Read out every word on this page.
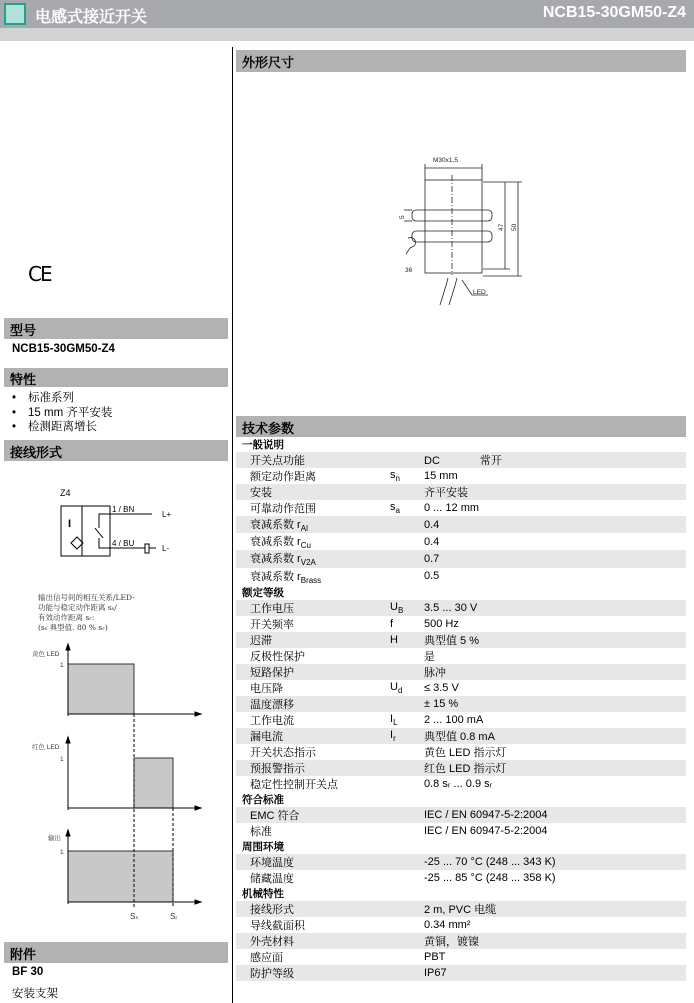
电感式接近开关	NCB15-30GM50-Z4
CE
型号
NCB15-30GM50-Z4
特性
• 标准系列
• 15 mm 齐平安装
• 检测距离增长
接线形式
Z4
I
1 / BN
4 / BU
L+
L-
输出信号间的相互关系/LED-
功能与稳定动作距离 sₛ/
有效动作距离 sᵣ:
(sₛ 典型值. 80 % sᵣ)
黄色 LED
红色 LED
输出
1
1
1
Sₛ	Sᵣ
附件
BF 30
安装支架
外形尺寸
M30x1,5
5
47 50
36
LED
技术参数
一般说明		
开关点功能		DC 常开
额定动作距离	$s_n$	15 mm
安装		齐平安装
可靠动作范围	$s_a$	0 ... 12 mm
衰减系数 $r_{Al}$		0.4
衰减系数 $r_{Cu}$		0.4
衰减系数 $r_{V2A}$		0.7
衰减系数 $r_{Brass}$		0.5
额定等级		
工作电压	$U_B$	3.5 ... 30 V
开关频率	f	500 Hz
迟滞	H	典型值 5 %
反极性保护		是
短路保护		脉冲
电压降	$U_d$	≤ 3.5 V
温度漂移		± 15 %
工作电流	$I_L$	2 ... 100 mA
漏电流	$I_r$	典型值 0.8 mA
开关状态指示		黄色 LED 指示灯
预报警指示		红色 LED 指示灯
稳定性控制开关点		0.8 sᵣ ... 0.9 sᵣ
符合标准		
EMC 符合		IEC / EN 60947-5-2:2004
标准		IEC / EN 60947-5-2:2004
周围环境		
环境温度		-25 ... 70 °C (248 ... 343 K)
储藏温度		-25 ... 85 °C (248 ... 358 K)
机械特性		
接线形式		2 m, PVC 电缆
导线截面积		0.34 mm²
外壳材料		黄铜，镀镍
感应面		PBT
防护等级		IP67
